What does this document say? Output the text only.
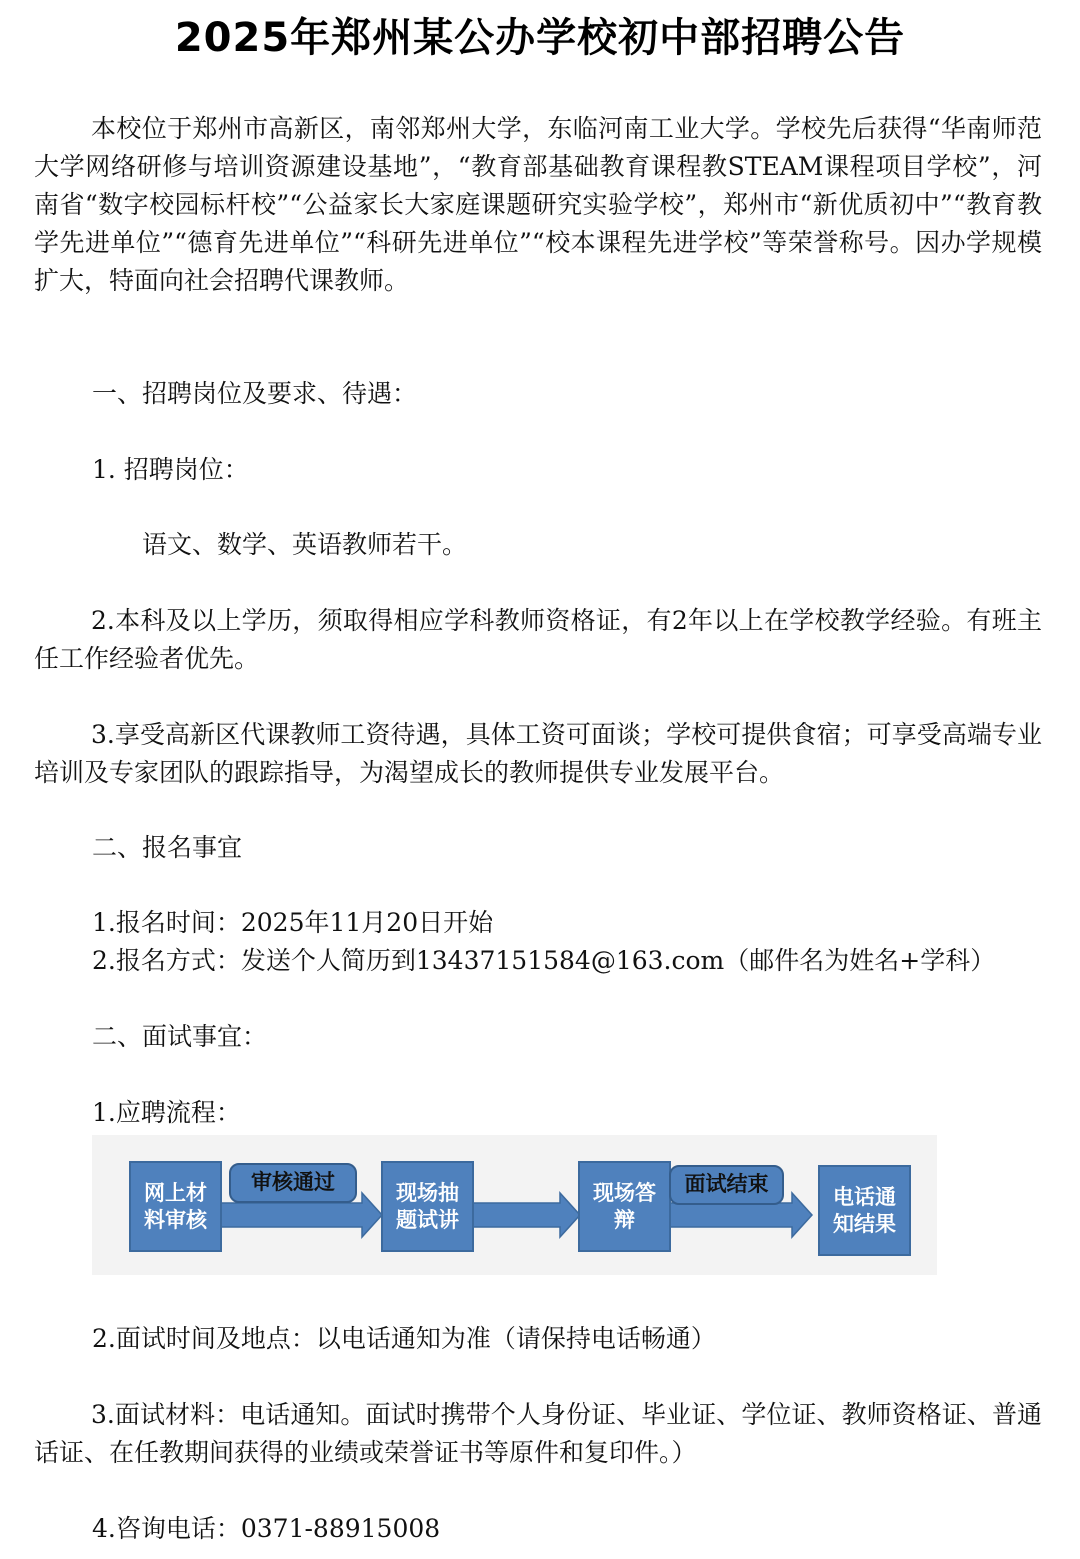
2025年郑州某公办学校初中部招聘公告
本校位于郑州市高新区，南邻郑州大学，东临河南工业大学。学校先后获得“华南师范大学网络研修与培训资源建设基地”，“教育部基础教育课程教STEAM课程项目学校”，河南省“数字校园标杆校”“公益家长大家庭课题研究实验学校”，郑州市“新优质初中”“教育教学先进单位”“德育先进单位”“科研先进单位”“校本课程先进学校”等荣誉称号。因办学规模扩大，特面向社会招聘代课教师。
一、招聘岗位及要求、待遇：
1. 招聘岗位：
语文、数学、英语教师若干。
2.本科及以上学历，须取得相应学科教师资格证，有2年以上在学校教学经验。有班主任工作经验者优先。
3.享受高新区代课教师工资待遇，具体工资可面谈；学校可提供食宿；可享受高端专业培训及专家团队的跟踪指导，为渴望成长的教师提供专业发展平台。
二、报名事宜
1.报名时间：2025年11月20日开始
2.报名方式：发送个人简历到13437151584@163.com（邮件名为姓名+学科）
二、面试事宜：
1.应聘流程：
网上材料审核
审核通过	现场抽题试讲
现场答辩
面试结束
电话通知结果
2.面试时间及地点：以电话通知为准（请保持电话畅通）
3.面试材料：电话通知。面试时携带个人身份证、毕业证、学位证、教师资格证、普通话证、在任教期间获得的业绩或荣誉证书等原件和复印件。）
4.咨询电话：0371-88915008
